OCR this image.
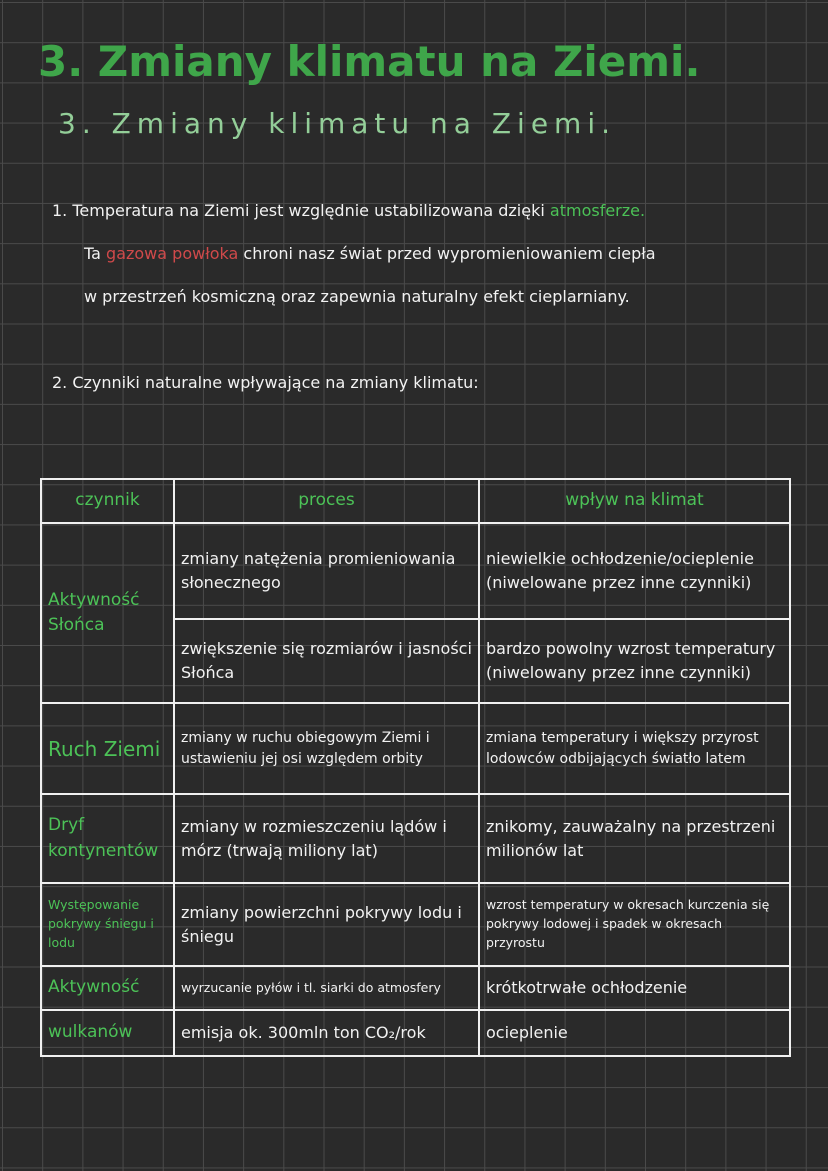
3. Zmiany klimatu na Ziemi.
3. Zmiany klimatu na Ziemi.
1. Temperatura na Ziemi jest względnie ustabilizowana dzięki atmosferze.
Ta gazowa powłoka chroni nasz świat przed wypromieniowaniem ciepła
w przestrzeń kosmiczną oraz zapewnia naturalny efekt cieplarniany.
2. Czynniki naturalne wpływające na zmiany klimatu:
czynnik	proces	wpływ na klimat
Aktywność Słońca	zmiany natężenia promieniowania słonecznego	niewielkie ochłodzenie/ocieplenie (niwelowane przez inne czynniki)
	zwiększenie się rozmiarów i jasności Słońca	bardzo powolny wzrost temperatury (niwelowany przez inne czynniki)
Ruch Ziemi	zmiany w ruchu obiegowym Ziemi i ustawieniu jej osi względem orbity	zmiana temperatury i większy przyrost lodowców odbijających światło latem
Dryf kontynentów	zmiany w rozmieszczeniu lądów i mórz (trwają miliony lat)	znikomy, zauważalny na przestrzeni milionów lat
Występowanie pokrywy śniegu i lodu	zmiany powierzchni pokrywy lodu i śniegu	wzrost temperatury w okresach kurczenia się pokrywy lodowej i spadek w okresach przyrostu
Aktywność	wyrzucanie pyłów i tl. siarki do atmosfery	krótkotrwałe ochłodzenie
wulkanów	emisja ok. 300mln ton CO₂/rok	ocieplenie
